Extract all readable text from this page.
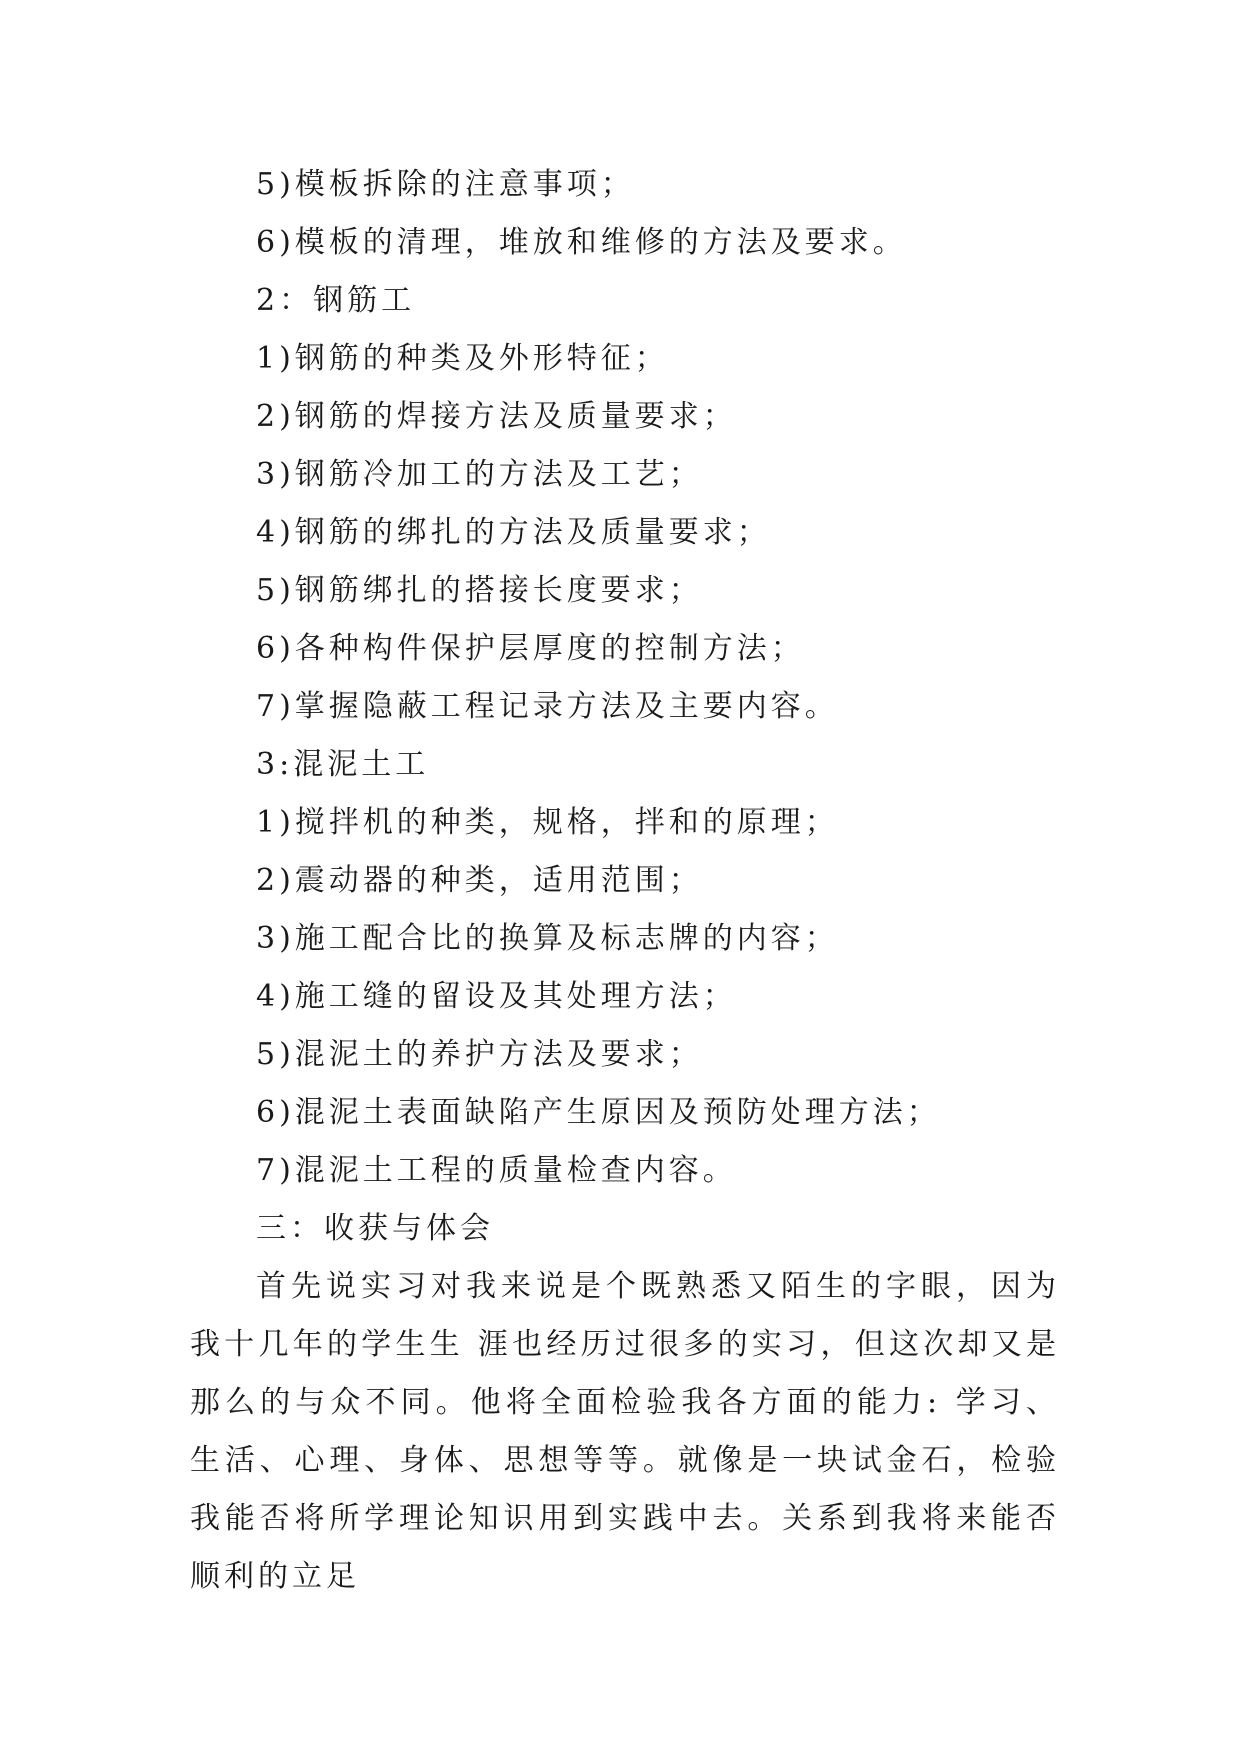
5)模板拆除的注意事项；
6)模板的清理，堆放和维修的方法及要求。
2：钢筋工
1)钢筋的种类及外形特征；
2)钢筋的焊接方法及质量要求；
3)钢筋冷加工的方法及工艺；
4)钢筋的绑扎的方法及质量要求；
5)钢筋绑扎的搭接长度要求；
6)各种构件保护层厚度的控制方法；
7)掌握隐蔽工程记录方法及主要内容。
3:混泥土工
1)搅拌机的种类，规格，拌和的原理；
2)震动器的种类，适用范围；
3)施工配合比的换算及标志牌的内容；
4)施工缝的留设及其处理方法；
5)混泥土的养护方法及要求；
6)混泥土表面缺陷产生原因及预防处理方法；
7)混泥土工程的质量检查内容。
三：收获与体会

首先说实习对我来说是个既熟悉又陌生的字眼，因为我十几年的学生生 涯也经历过很多的实习，但这次却又是那么的与众不同。他将全面检验我各方面的能力: 学习、生活、心理、身体、思想等等。就像是一块试金石，检验我能否将所学理论知识用到实践中去。关系到我将来能否顺利的立足
